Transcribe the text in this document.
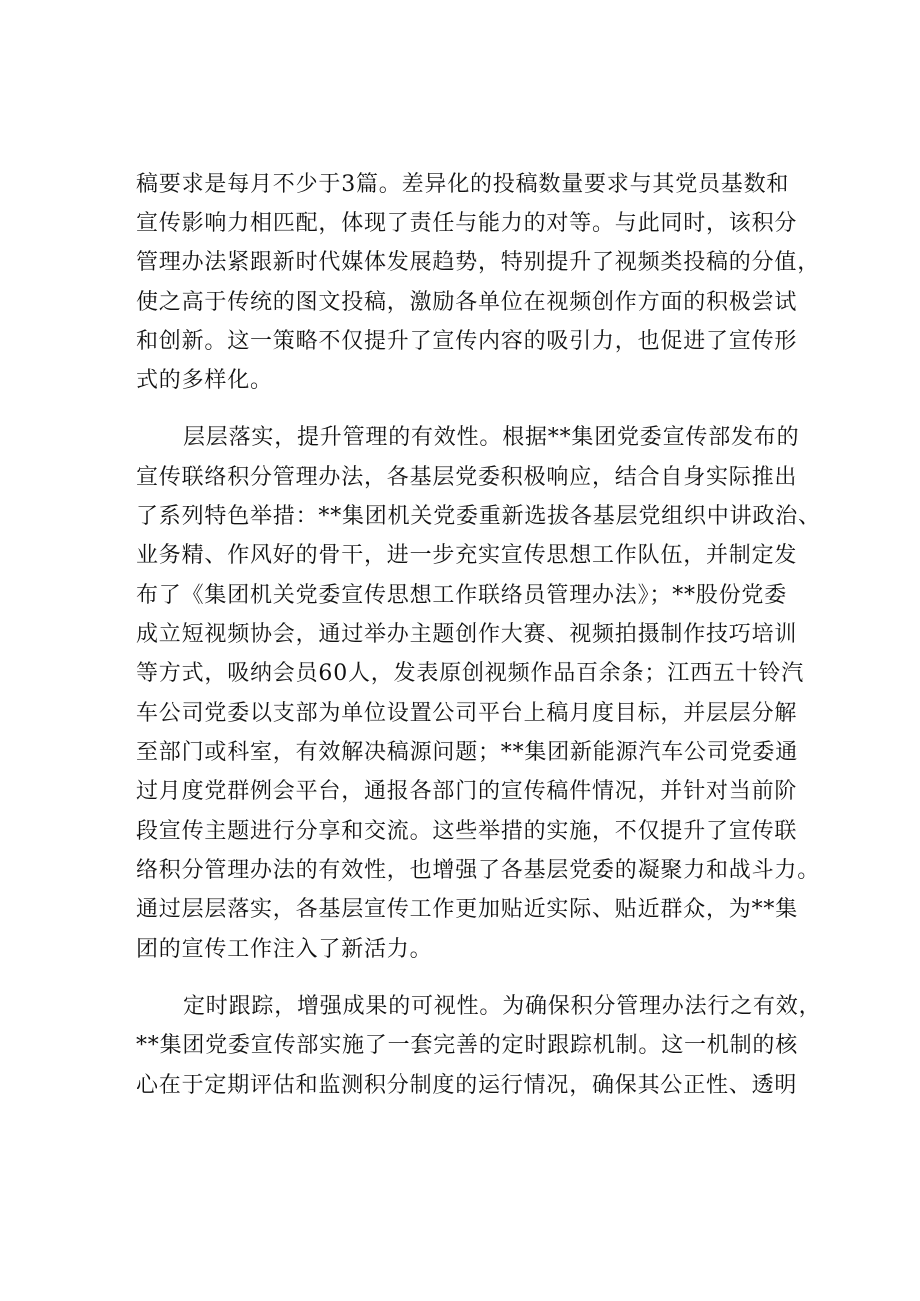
稿要求是每月不少于3篇。差异化的投稿数量要求与其党员基数和
宣传影响力相匹配，体现了责任与能力的对等。与此同时，该积分
管理办法紧跟新时代媒体发展趋势，特别提升了视频类投稿的分值，
使之高于传统的图文投稿，激励各单位在视频创作方面的积极尝试
和创新。这一策略不仅提升了宣传内容的吸引力，也促进了宣传形
式的多样化。
层层落实，提升管理的有效性。根据**集团党委宣传部发布的
宣传联络积分管理办法，各基层党委积极响应，结合自身实际推出
了系列特色举措：**集团机关党委重新选拔各基层党组织中讲政治、
业务精、作风好的骨干，进一步充实宣传思想工作队伍，并制定发
布了《集团机关党委宣传思想工作联络员管理办法》；**股份党委
成立短视频协会，通过举办主题创作大赛、视频拍摄制作技巧培训
等方式，吸纳会员60人，发表原创视频作品百余条；江西五十铃汽
车公司党委以支部为单位设置公司平台上稿月度目标，并层层分解
至部门或科室，有效解决稿源问题；**集团新能源汽车公司党委通
过月度党群例会平台，通报各部门的宣传稿件情况，并针对当前阶
段宣传主题进行分享和交流。这些举措的实施，不仅提升了宣传联
络积分管理办法的有效性，也增强了各基层党委的凝聚力和战斗力。
通过层层落实，各基层宣传工作更加贴近实际、贴近群众，为**集
团的宣传工作注入了新活力。
定时跟踪，增强成果的可视性。为确保积分管理办法行之有效，
**集团党委宣传部实施了一套完善的定时跟踪机制。这一机制的核
心在于定期评估和监测积分制度的运行情况，确保其公正性、透明
